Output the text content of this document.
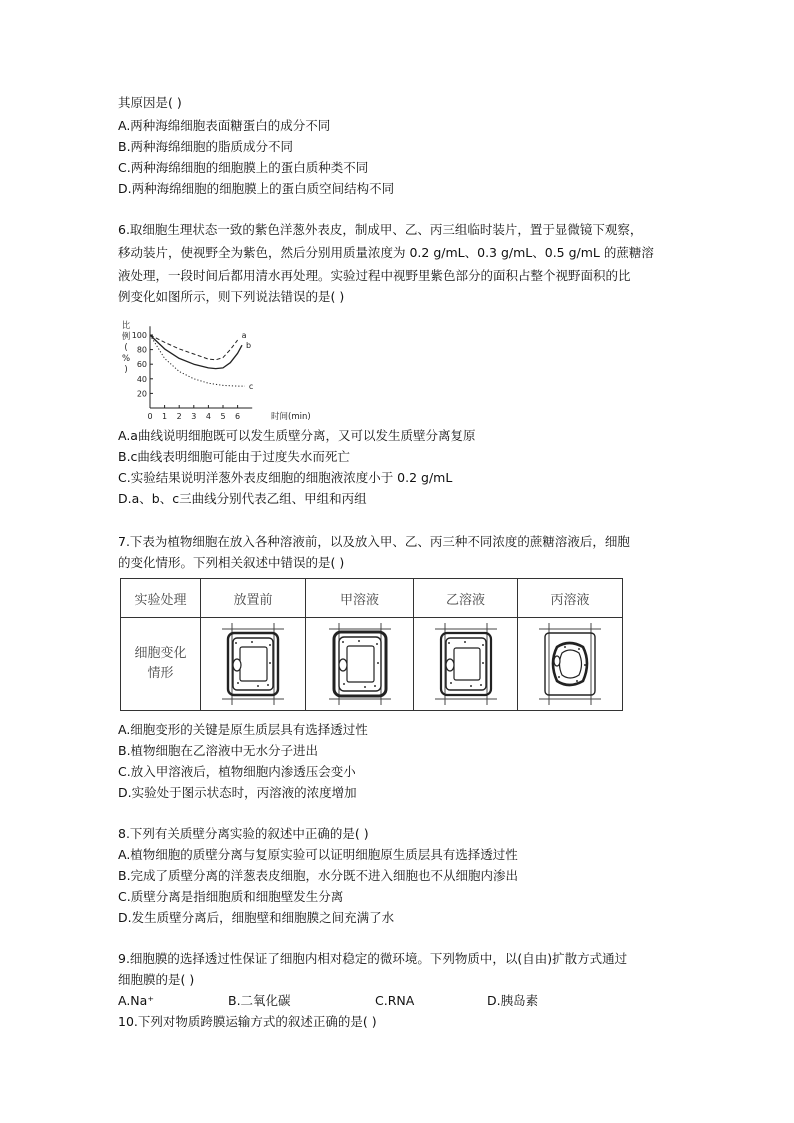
其原因是( )
A.两种海绵细胞表面糖蛋白的成分不同
B.两种海绵细胞的脂质成分不同
C.两种海绵细胞的细胞膜上的蛋白质种类不同
D.两种海绵细胞的细胞膜上的蛋白质空间结构不同
6.取细胞生理状态一致的紫色洋葱外表皮，制成甲、乙、丙三组临时装片，置于显微镜下观察，
移动装片，使视野全为紫色，然后分别用质量浓度为 0.2 g/mL、0.3 g/mL、0.5 g/mL 的蔗糖溶
液处理，一段时间后都用清水再处理。实验过程中视野里紫色部分的面积占整个视野面积的比
例变化如图所示，则下列说法错误的是( )
100
80
60
40
20
0 1 2 3 4 5 6
a
b
c
比
例
(
%
)
时间(min)
A.a曲线说明细胞既可以发生质壁分离，又可以发生质壁分离复原
B.c曲线表明细胞可能由于过度失水而死亡
C.实验结果说明洋葱外表皮细胞的细胞液浓度小于 0.2 g/mL
D.a、b、c三曲线分别代表乙组、甲组和丙组
7.下表为植物细胞在放入各种溶液前，以及放入甲、乙、丙三种不同浓度的蔗糖溶液后，细胞
的变化情形。下列相关叙述中错误的是( )
实验处理	放置前	甲溶液	乙溶液	丙溶液

细胞变化
情形

A.细胞变形的关键是原生质层具有选择透过性
B.植物细胞在乙溶液中无水分子进出
C.放入甲溶液后，植物细胞内渗透压会变小
D.实验处于图示状态时，丙溶液的浓度增加
8.下列有关质壁分离实验的叙述中正确的是( )
A.植物细胞的质壁分离与复原实验可以证明细胞原生质层具有选择透过性
B.完成了质壁分离的洋葱表皮细胞，水分既不进入细胞也不从细胞内渗出
C.质壁分离是指细胞质和细胞壁发生分离
D.发生质壁分离后，细胞壁和细胞膜之间充满了水
9.细胞膜的选择透过性保证了细胞内相对稳定的微环境。下列物质中，以(自由)扩散方式通过
细胞膜的是( )
A.Na⁺	B.二氧化碳	C.RNA	D.胰岛素
10.下列对物质跨膜运输方式的叙述正确的是( )
